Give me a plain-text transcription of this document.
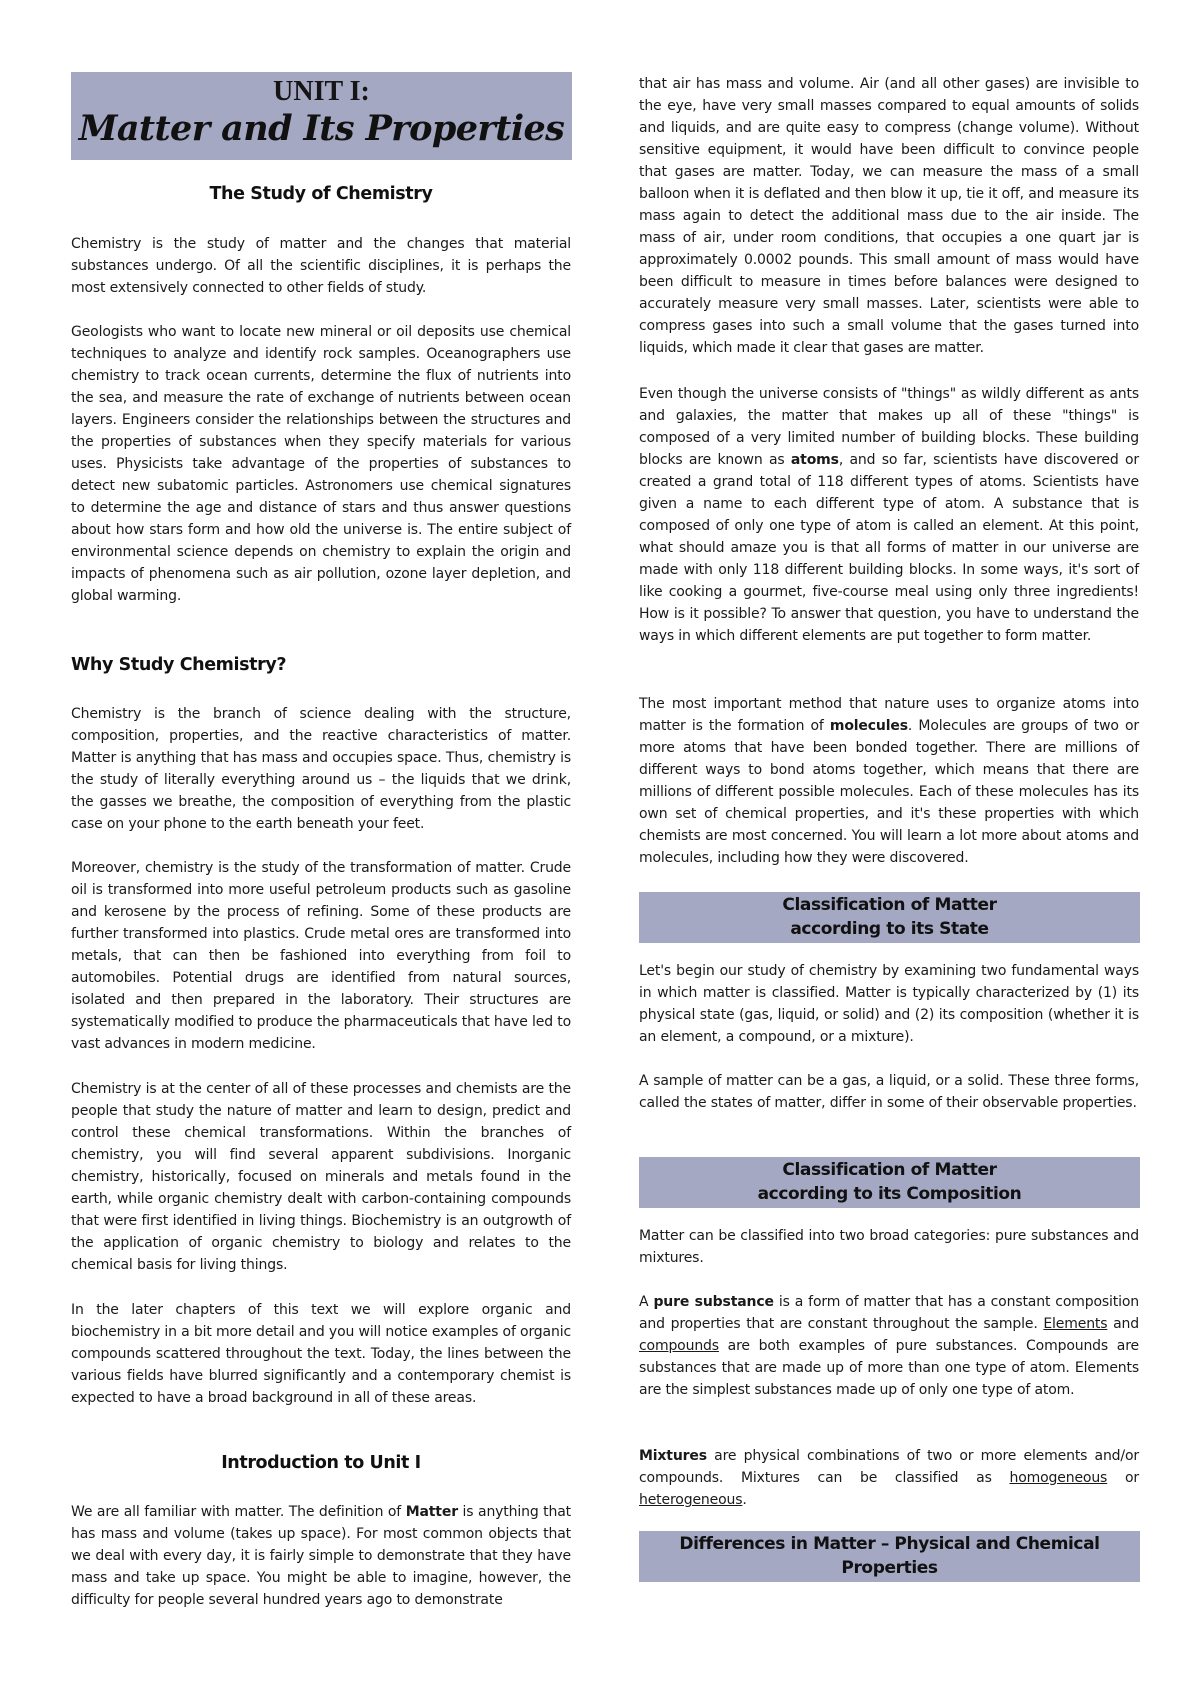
UNIT I:
Matter and Its Properties
The Study of Chemistry

Chemistry is the study of matter and the changes that material substances undergo. Of all the scientific disciplines, it is perhaps the most extensively connected to other fields of study.

Geologists who want to locate new mineral or oil deposits use chemical techniques to analyze and identify rock samples. Oceanographers use chemistry to track ocean currents, determine the flux of nutrients into the sea, and measure the rate of exchange of nutrients between ocean layers. Engineers consider the relationships between the structures and the properties of substances when they specify materials for various uses. Physicists take advantage of the properties of substances to detect new subatomic particles. Astronomers use chemical signatures to determine the age and distance of stars and thus answer questions about how stars form and how old the universe is. The entire subject of environmental science depends on chemistry to explain the origin and impacts of phenomena such as air pollution, ozone layer depletion, and global warming.

Why Study Chemistry?

Chemistry is the branch of science dealing with the structure, composition, properties, and the reactive characteristics of matter. Matter is anything that has mass and occupies space. Thus, chemistry is the study of literally everything around us – the liquids that we drink, the gasses we breathe, the composition of everything from the plastic case on your phone to the earth beneath your feet.

Moreover, chemistry is the study of the transformation of matter. Crude oil is transformed into more useful petroleum products such as gasoline and kerosene by the process of refining. Some of these products are further transformed into plastics. Crude metal ores are transformed into metals, that can then be fashioned into everything from foil to automobiles. Potential drugs are identified from natural sources, isolated and then prepared in the laboratory. Their structures are systematically modified to produce the pharmaceuticals that have led to vast advances in modern medicine.

Chemistry is at the center of all of these processes and chemists are the people that study the nature of matter and learn to design, predict and control these chemical transformations. Within the branches of chemistry, you will find several apparent subdivisions. Inorganic chemistry, historically, focused on minerals and metals found in the earth, while organic chemistry dealt with carbon-containing compounds that were first identified in living things. Biochemistry is an outgrowth of the application of organic chemistry to biology and relates to the chemical basis for living things.

In the later chapters of this text we will explore organic and biochemistry in a bit more detail and you will notice examples of organic compounds scattered throughout the text. Today, the lines between the various fields have blurred significantly and a contemporary chemist is expected to have a broad background in all of these areas.

Introduction to Unit I

We are all familiar with matter. The definition of Matter is anything that has mass and volume (takes up space). For most common objects that we deal with every day, it is fairly simple to demonstrate that they have mass and take up space. You might be able to imagine, however, the difficulty for people several hundred years ago to demonstrate

that air has mass and volume. Air (and all other gases) are invisible to the eye, have very small masses compared to equal amounts of solids and liquids, and are quite easy to compress (change volume). Without sensitive equipment, it would have been difficult to convince people that gases are matter. Today, we can measure the mass of a small balloon when it is deflated and then blow it up, tie it off, and measure its mass again to detect the additional mass due to the air inside. The mass of air, under room conditions, that occupies a one quart jar is approximately 0.0002 pounds. This small amount of mass would have been difficult to measure in times before balances were designed to accurately measure very small masses. Later, scientists were able to compress gases into such a small volume that the gases turned into liquids, which made it clear that gases are matter.

Even though the universe consists of "things" as wildly different as ants and galaxies, the matter that makes up all of these "things" is composed of a very limited number of building blocks. These building blocks are known as atoms, and so far, scientists have discovered or created a grand total of 118 different types of atoms. Scientists have given a name to each different type of atom. A substance that is composed of only one type of atom is called an element. At this point, what should amaze you is that all forms of matter in our universe are made with only 118 different building blocks. In some ways, it's sort of like cooking a gourmet, five-course meal using only three ingredients! How is it possible? To answer that question, you have to understand the ways in which different elements are put together to form matter.

The most important method that nature uses to organize atoms into matter is the formation of molecules. Molecules are groups of two or more atoms that have been bonded together. There are millions of different ways to bond atoms together, which means that there are millions of different possible molecules. Each of these molecules has its own set of chemical properties, and it's these properties with which chemists are most concerned. You will learn a lot more about atoms and molecules, including how they were discovered.

Classification of Matter
according to its State

Let's begin our study of chemistry by examining two fundamental ways in which matter is classified. Matter is typically characterized by (1) its physical state (gas, liquid, or solid) and (2) its composition (whether it is an element, a compound, or a mixture).

A sample of matter can be a gas, a liquid, or a solid. These three forms, called the states of matter, differ in some of their observable properties.

Classification of Matter
according to its Composition

Matter can be classified into two broad categories: pure substances and mixtures.

A pure substance is a form of matter that has a constant composition and properties that are constant throughout the sample. Elements and compounds are both examples of pure substances. Compounds are substances that are made up of more than one type of atom. Elements are the simplest substances made up of only one type of atom.

Mixtures are physical combinations of two or more elements and/or compounds. Mixtures can be classified as homogeneous or heterogeneous.

Differences in Matter – Physical and Chemical
Properties
